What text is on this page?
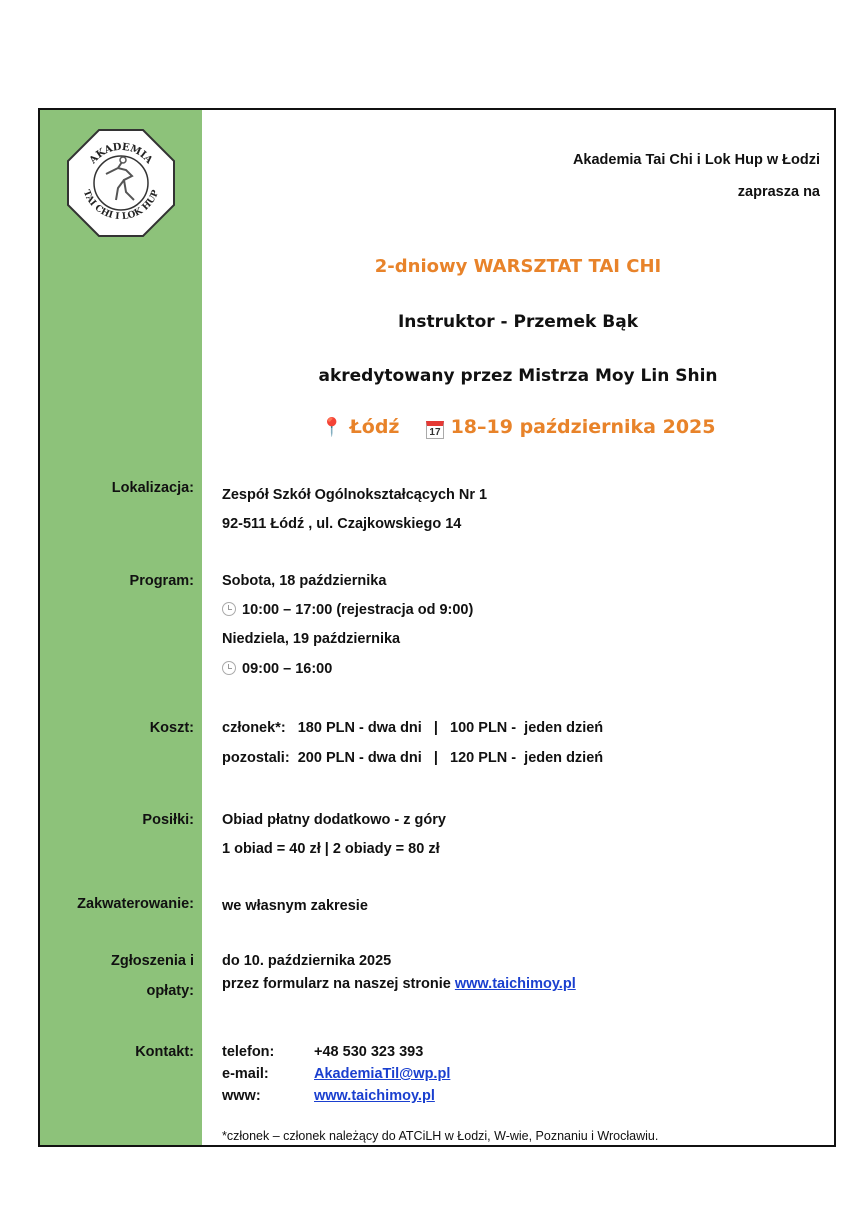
AKADEMIA
TAI CHI I LOK HUP
Akademia Tai Chi i Lok Hup w Łodzi
zaprasza na
2-dniowy WARSZTAT TAI CHI
Instruktor - Przemek Bąk
akredytowany przez Mistrza Moy Lin Shin
📍 Łódź	17 18–19 października 2025
Lokalizacja: Zespół Szkół Ogólnokształcących Nr 1
92-511 Łódź , ul. Czajkowskiego 14
Program: Sobota, 18 października
10:00 – 17:00 (rejestracja od 9:00)
Niedziela, 19 października
09:00 – 16:00
Koszt: członek*:   180 PLN - dwa dni   |   100 PLN -  jeden dzień
pozostali:  200 PLN - dwa dni   |   120 PLN -  jeden dzień
Posiłki: Obiad płatny dodatkowo - z góry
1 obiad = 40 zł | 2 obiady = 80 zł
Zakwaterowanie: we własnym zakresie
Zgłoszenia i
opłaty:
do 10. października 2025
przez formularz na naszej stronie www.taichimoy.pl
Kontakt: telefon:	+48 530 323 393
e-mail:	AkademiaTil@wp.pl
www:	www.taichimoy.pl
*członek – członek należący do ATCiLH w Łodzi, W-wie, Poznaniu i Wrocławiu.
